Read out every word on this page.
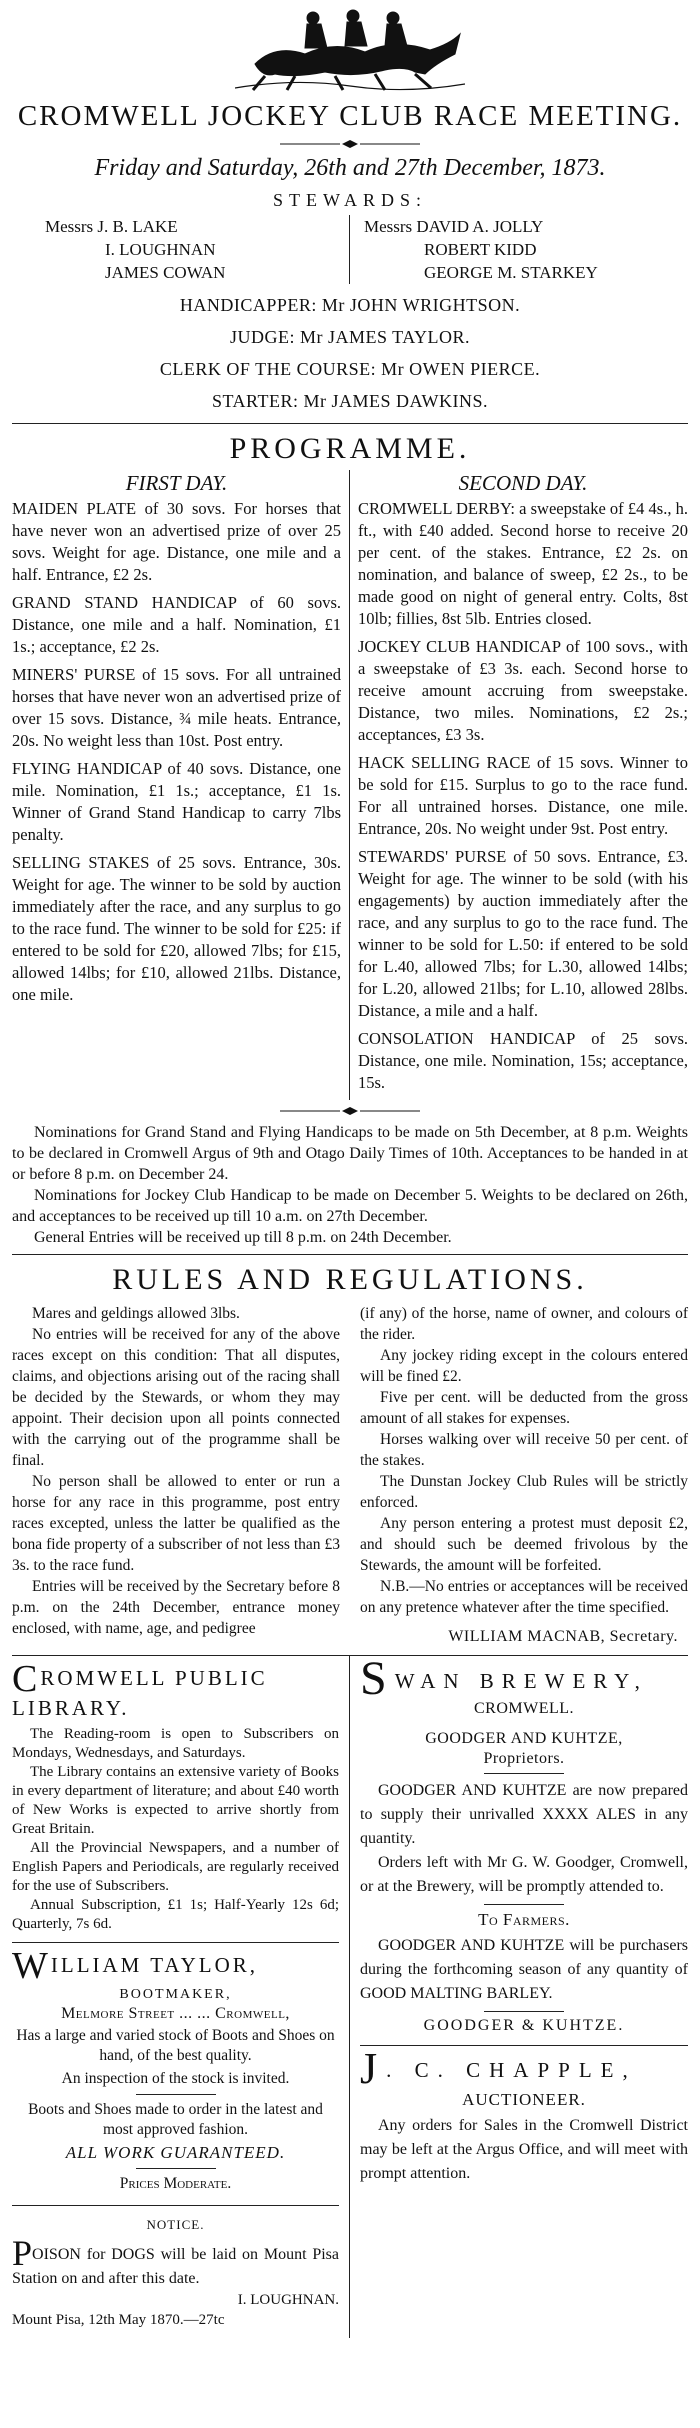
CROMWELL JOCKEY CLUB RACE MEETING.
Friday and Saturday, 26th and 27th December, 1873.
STEWARDS:
Messrs J. B. LAKE
I. LOUGHNAN
JAMES COWAN
Messrs DAVID A. JOLLY
ROBERT KIDD
GEORGE M. STARKEY
HANDICAPPER: Mr JOHN WRIGHTSON.
JUDGE: Mr JAMES TAYLOR.
CLERK OF THE COURSE: Mr OWEN PIERCE.
STARTER: Mr JAMES DAWKINS.
PROGRAMME.
FIRST DAY.

MAIDEN PLATE of 30 sovs. For horses that have never won an advertised prize of over 25 sovs. Weight for age. Distance, one mile and a half. Entrance, £2 2s.

GRAND STAND HANDICAP of 60 sovs. Distance, one mile and a half. Nomination, £1 1s.; acceptance, £2 2s.

MINERS' PURSE of 15 sovs. For all untrained horses that have never won an advertised prize of over 15 sovs. Distance, ¾ mile heats. Entrance, 20s. No weight less than 10st. Post entry.

FLYING HANDICAP of 40 sovs. Distance, one mile. Nomination, £1 1s.; acceptance, £1 1s. Winner of Grand Stand Handicap to carry 7lbs penalty.

SELLING STAKES of 25 sovs. Entrance, 30s. Weight for age. The winner to be sold by auction immediately after the race, and any surplus to go to the race fund. The winner to be sold for £25: if entered to be sold for £20, allowed 7lbs; for £15, allowed 14lbs; for £10, allowed 21lbs. Distance, one mile.

SECOND DAY.

CROMWELL DERBY: a sweepstake of £4 4s., h. ft., with £40 added. Second horse to receive 20 per cent. of the stakes. Entrance, £2 2s. on nomination, and balance of sweep, £2 2s., to be made good on night of general entry. Colts, 8st 10lb; fillies, 8st 5lb. Entries closed.

JOCKEY CLUB HANDICAP of 100 sovs., with a sweepstake of £3 3s. each. Second horse to receive amount accruing from sweepstake. Distance, two miles. Nominations, £2 2s.; acceptances, £3 3s.

HACK SELLING RACE of 15 sovs. Winner to be sold for £15. Surplus to go to the race fund. For all untrained horses. Distance, one mile. Entrance, 20s. No weight under 9st. Post entry.

STEWARDS' PURSE of 50 sovs. Entrance, £3. Weight for age. The winner to be sold (with his engagements) by auction immediately after the race, and any surplus to go to the race fund. The winner to be sold for L.50: if entered to be sold for L.40, allowed 7lbs; for L.30, allowed 14lbs; for L.20, allowed 21lbs; for L.10, allowed 28lbs. Distance, a mile and a half.

CONSOLATION HANDICAP of 25 sovs. Distance, one mile. Nomination, 15s; acceptance, 15s.

Nominations for Grand Stand and Flying Handicaps to be made on 5th December, at 8 p.m. Weights to be declared in Cromwell Argus of 9th and Otago Daily Times of 10th. Acceptances to be handed in at or before 8 p.m. on December 24.

Nominations for Jockey Club Handicap to be made on December 5. Weights to be declared on 26th, and acceptances to be received up till 10 a.m. on 27th December.

General Entries will be received up till 8 p.m. on 24th December.

RULES AND REGULATIONS.

Mares and geldings allowed 3lbs.

No entries will be received for any of the above races except on this condition: That all disputes, claims, and objections arising out of the racing shall be decided by the Stewards, or whom they may appoint. Their decision upon all points connected with the carrying out of the programme shall be final.

No person shall be allowed to enter or run a horse for any race in this programme, post entry races excepted, unless the latter be qualified as the bona fide property of a subscriber of not less than £3 3s. to the race fund.

Entries will be received by the Secretary before 8 p.m. on the 24th December, entrance money enclosed, with name, age, and pedigree

(if any) of the horse, name of owner, and colours of the rider.

Any jockey riding except in the colours entered will be fined £2.

Five per cent. will be deducted from the gross amount of all stakes for expenses.

Horses walking over will receive 50 per cent. of the stakes.

The Dunstan Jockey Club Rules will be strictly enforced.

Any person entering a protest must deposit £2, and should such be deemed frivolous by the Stewards, the amount will be forfeited.

N.B.—No entries or acceptances will be received on any pretence whatever after the time specified.

WILLIAM MACNAB, Secretary.
CROMWELL PUBLIC LIBRARY.

The Reading-room is open to Subscribers on Mondays, Wednesdays, and Saturdays.

The Library contains an extensive variety of Books in every department of literature; and about £40 worth of New Works is expected to arrive shortly from Great Britain.

All the Provincial Newspapers, and a number of English Papers and Periodicals, are regularly received for the use of Subscribers.

Annual Subscription, £1 1s; Half-Yearly 12s 6d; Quarterly, 7s 6d.

WILLIAM TAYLOR,
BOOTMAKER,
Melmore Street ... ... Cromwell,
Has a large and varied stock of Boots and Shoes on hand, of the best quality.
An inspection of the stock is invited.
Boots and Shoes made to order in the latest and most approved fashion.
ALL WORK GUARANTEED.
Prices Moderate.
NOTICE.
POISON for DOGS will be laid on Mount Pisa Station on and after this date.
I. LOUGHNAN.
Mount Pisa, 12th May 1870.—27tc
SWAN BREWERY,
CROMWELL.
GOODGER AND KUHTZE,
Proprietors.

GOODGER AND KUHTZE are now prepared to supply their unrivalled XXXX ALES in any quantity.

Orders left with Mr G. W. Goodger, Cromwell, or at the Brewery, will be promptly attended to.

To Farmers.

GOODGER AND KUHTZE will be purchasers during the forthcoming season of any quantity of GOOD MALTING BARLEY.

GOODGER & KUHTZE.
J. C. CHAPPLE,
AUCTIONEER.

Any orders for Sales in the Cromwell District may be left at the Argus Office, and will meet with prompt attention.
